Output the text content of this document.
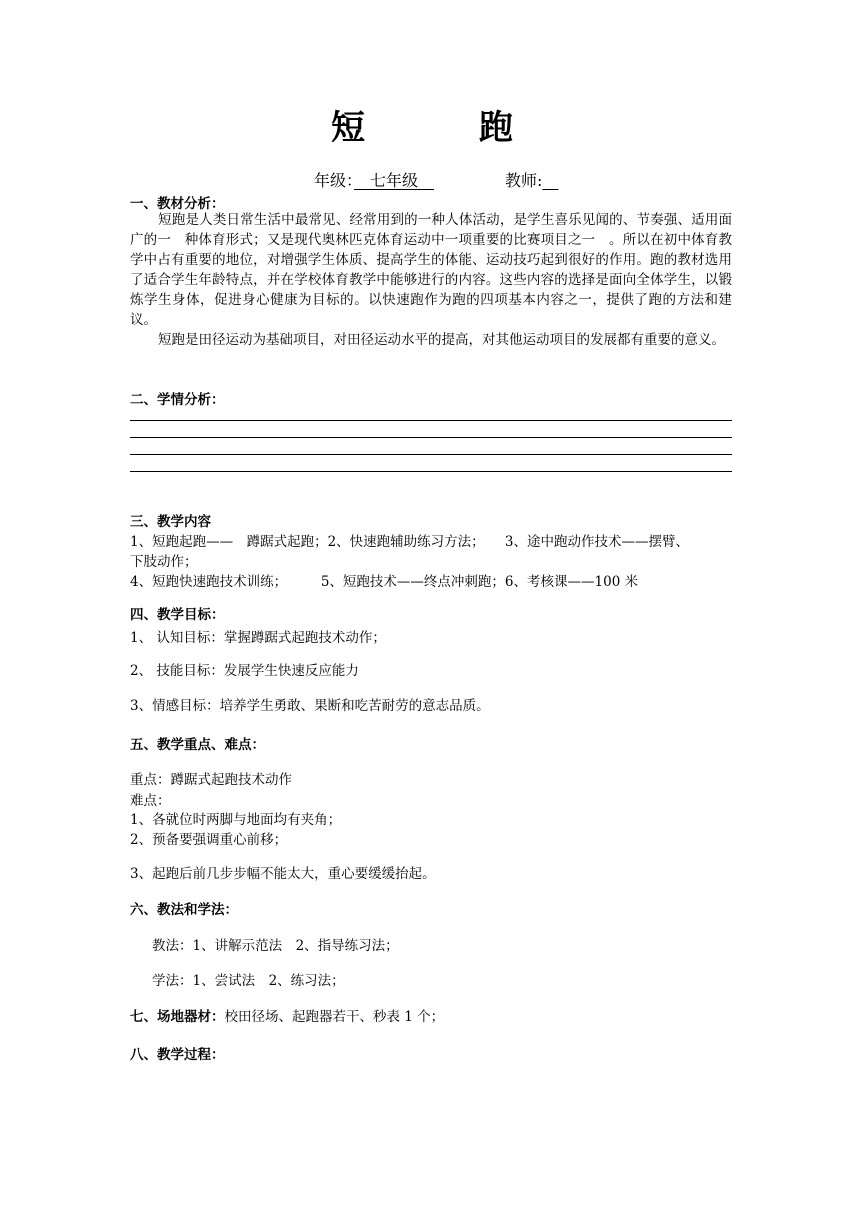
短　跑
年级：　七年级　	教师:　
一、教材分析：
短跑是人类日常生活中最常见、经常用到的一种人体活动，是学生喜乐见闻的、节奏强、适用面广的一　种体育形式；又是现代奥林匹克体育运动中一项重要的比赛项目之一　。所以在初中体育教学中占有重要的地位，对增强学生体质、提高学生的体能、运动技巧起到很好的作用。跑的教材选用了适合学生年龄特点，并在学校体育教学中能够进行的内容。这些内容的选择是面向全体学生，以锻炼学生身体，促进身心健康为目标的。以快速跑作为跑的四项基本内容之一，提供了跑的方法和建议。
短跑是田径运动为基础项目，对田径运动水平的提高，对其他运动项目的发展都有重要的意义。
二、学情分析：
三、教学内容
1、短跑起跑——　蹲踞式起跑；2、快速跑辅助练习方法；　　3、途中跑动作技术——摆臂、
下肢动作；
4、短跑快速跑技术训练；　　　5、短跑技术——终点冲刺跑；6、考核课——100 米
四、教学目标：
1、 认知目标：掌握蹲踞式起跑技术动作；
2、 技能目标：发展学生快速反应能力
3、情感目标：培养学生勇敢、果断和吃苦耐劳的意志品质。
五、教学重点、难点：
重点：蹲踞式起跑技术动作
难点：
1、各就位时两脚与地面均有夹角；
2、预备要强调重心前移；
3、起跑后前几步步幅不能太大，重心要缓缓抬起。
六、教法和学法：
教法：1、讲解示范法　2、指导练习法；
学法：1、尝试法　2、练习法；
七、场地器材：校田径场、起跑器若干、秒表 1 个；
八、教学过程：
